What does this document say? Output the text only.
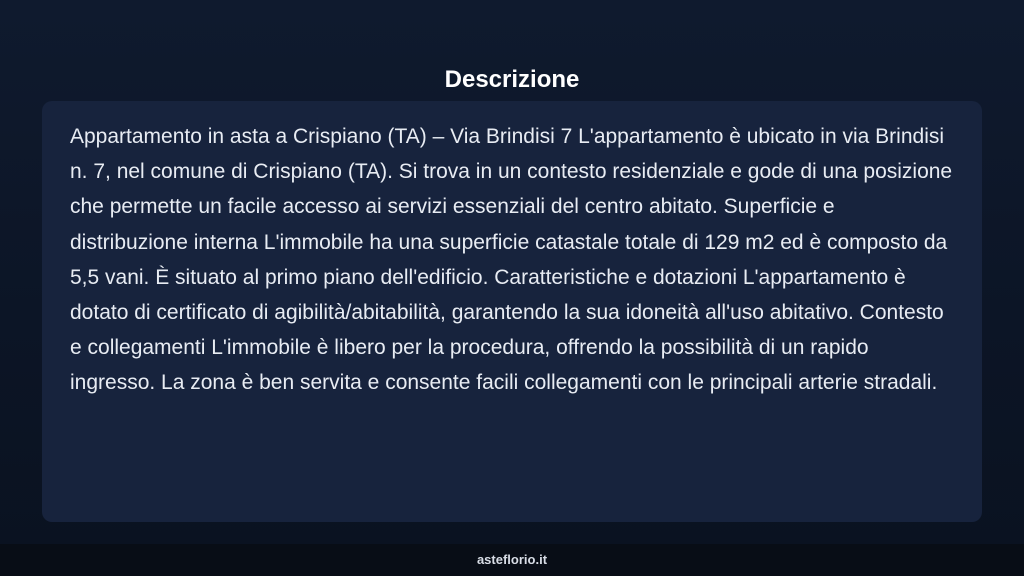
Descrizione

Appartamento in asta a Crispiano (TA) – Via Brindisi 7 L'appartamento è ubicato in via Brindisi n. 7, nel comune di Crispiano (TA). Si trova in un contesto residenziale e gode di una posizione che permette un facile accesso ai servizi essenziali del centro abitato. Superficie e distribuzione interna L'immobile ha una superficie catastale totale di 129 m2 ed è composto da 5,5 vani. È situato al primo piano dell'edificio. Caratteristiche e dotazioni L'appartamento è dotato di certificato di agibilità/abitabilità, garantendo la sua idoneità all'uso abitativo. Contesto e collegamenti L'immobile è libero per la procedura, offrendo la possibilità di un rapido ingresso. La zona è ben servita e consente facili collegamenti con le principali arterie stradali.

asteflorio.it
